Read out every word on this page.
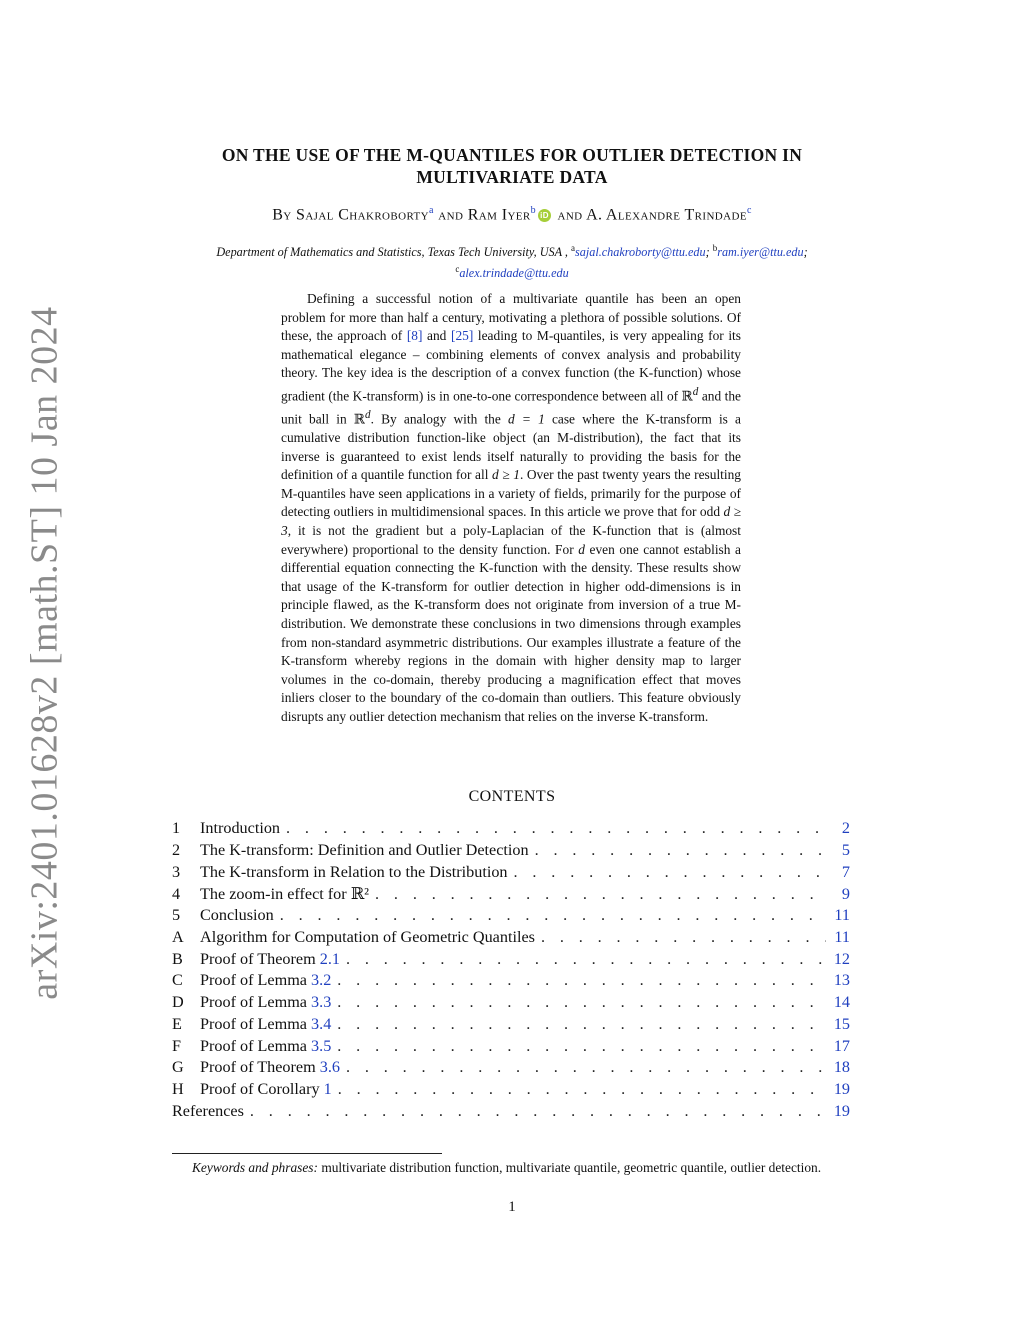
arXiv:2401.01628v2 [math.ST] 10 Jan 2024
ON THE USE OF THE M-QUANTILES FOR OUTLIER DETECTION IN
MULTIVARIATE DATA
By Sajal Chakroborty$^a$ and Ram Iyer$^b$ iD and A. Alexandre Trindade$^c$
Department of Mathematics and Statistics, Texas Tech University, USA , $^a$sajal.chakroborty@ttu.edu; $^b$ram.iyer@ttu.edu;
$^c$alex.trindade@ttu.edu

Defining a successful notion of a multivariate quantile has been an open problem for more than half a century, motivating a plethora of possible solutions. Of these, the approach of [8] and [25] leading to M-quantiles, is very appealing for its mathematical elegance – combining elements of convex analysis and probability theory. The key idea is the description of a convex function (the K-function) whose gradient (the K-transform) is in one-to-one correspondence between all of ℝ$^d$ and the unit ball in ℝ$^d$. By analogy with the d = 1 case where the K-transform is a cumulative distribution function-like object (an M-distribution), the fact that its inverse is guaranteed to exist lends itself naturally to providing the basis for the definition of a quantile function for all d ≥ 1. Over the past twenty years the resulting M-quantiles have seen applications in a variety of fields, primarily for the purpose of detecting outliers in multidimensional spaces. In this article we prove that for odd d ≥ 3, it is not the gradient but a poly-Laplacian of the K-function that is (almost everywhere) proportional to the density function. For d even one cannot establish a differential equation connecting the K-function with the density. These results show that usage of the K-transform for outlier detection in higher odd-dimensions is in principle flawed, as the K-transform does not originate from inversion of a true M-distribution. We demonstrate these conclusions in two dimensions through examples from non-standard asymmetric distributions. Our examples illustrate a feature of the K-transform whereby regions in the domain with higher density map to larger volumes in the co-domain, thereby producing a magnification effect that moves inliers closer to the boundary of the co-domain than outliers. This feature obviously disrupts any outlier detection mechanism that relies on the inverse K-transform.

CONTENTS
1	Introduction . . .	2
2	The K-transform: Definition and Outlier Detection . . .	5
3	The K-transform in Relation to the Distribution . . .	7
4	The zoom-in effect for ℝ² . . .	9
5	Conclusion . . .	11
A	Algorithm for Computation of Geometric Quantiles . . .	11
B	Proof of Theorem 2.1 . . .	12
C	Proof of Lemma 3.2 . . .	13
D	Proof of Lemma 3.3 . . .	14
E	Proof of Lemma 3.4 . . .	15
F	Proof of Lemma 3.5 . . .	17
G	Proof of Theorem 3.6 . . .	18
H	Proof of Corollary 1 . . .	19
References . . .	19
Keywords and phrases: multivariate distribution function, multivariate quantile, geometric quantile, outlier detection.
1
